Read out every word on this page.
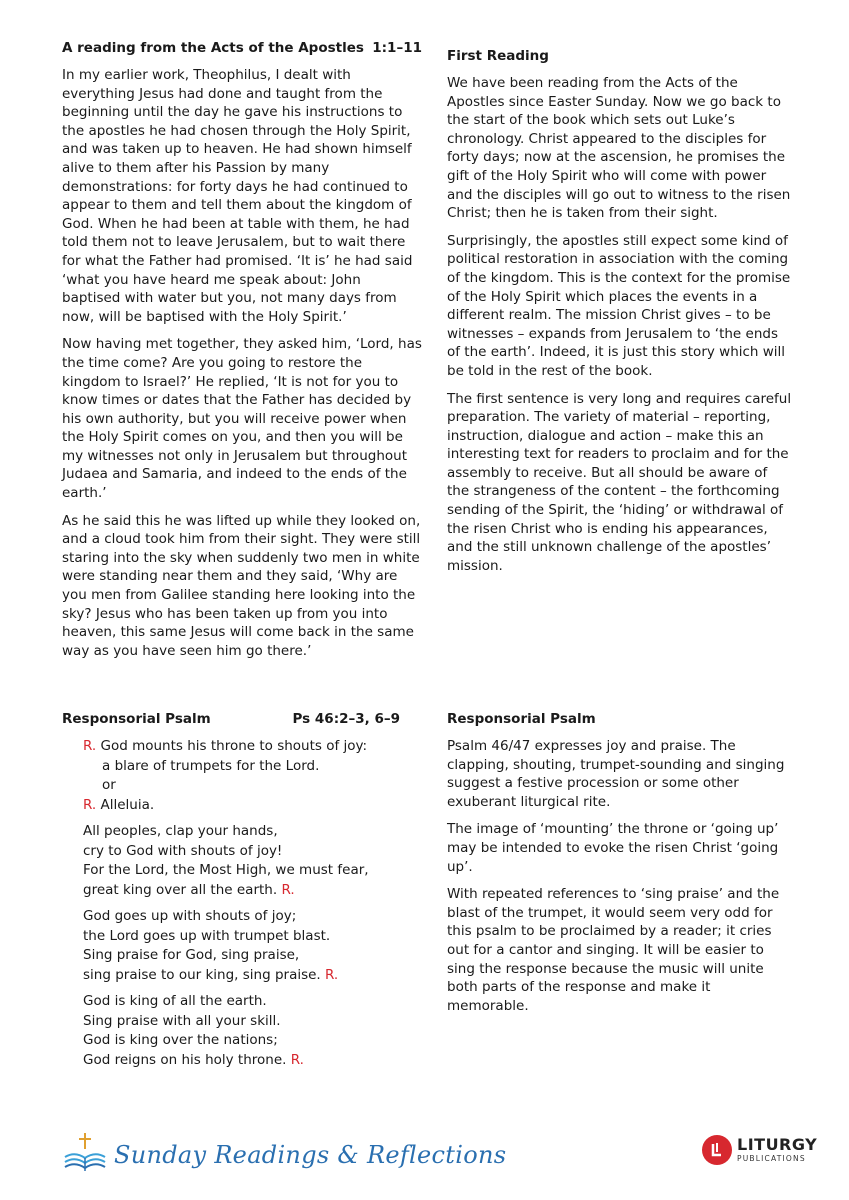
A reading from the Acts of the Apostles 1:1–11

In my earlier work, Theophilus, I dealt with everything Jesus had done and taught from the beginning until the day he gave his instructions to the apostles he had chosen through the Holy Spirit, and was taken up to heaven. He had shown himself alive to them after his Passion by many demonstrations: for forty days he had continued to appear to them and tell them about the kingdom of God. When he had been at table with them, he had told them not to leave Jerusalem, but to wait there for what the Father had promised. ‘It is’ he had said ‘what you have heard me speak about: John baptised with water but you, not many days from now, will be baptised with the Holy Spirit.’

Now having met together, they asked him, ‘Lord, has the time come? Are you going to restore the kingdom to Israel?’ He replied, ‘It is not for you to know times or dates that the Father has decided by his own authority, but you will receive power when the Holy Spirit comes on you, and then you will be my witnesses not only in Jerusalem but throughout Judaea and Samaria, and indeed to the ends of the earth.’

As he said this he was lifted up while they looked on, and a cloud took him from their sight. They were still staring into the sky when suddenly two men in white were standing near them and they said, ‘Why are you men from Galilee standing here looking into the sky? Jesus who has been taken up from you into heaven, this same Jesus will come back in the same way as you have seen him go there.’

First Reading

We have been reading from the Acts of the Apostles since Easter Sunday. Now we go back to the start of the book which sets out Luke’s chronology. Christ appeared to the disciples for forty days; now at the ascension, he promises the gift of the Holy Spirit who will come with power and the disciples will go out to witness to the risen Christ; then he is taken from their sight.

Surprisingly, the apostles still expect some kind of political restoration in association with the coming of the kingdom. This is the context for the promise of the Holy Spirit which places the events in a different realm. The mission Christ gives – to be witnesses – expands from Jerusalem to ‘the ends of the earth’. Indeed, it is just this story which will be told in the rest of the book.

The first sentence is very long and requires careful preparation. The variety of material – reporting, instruction, dialogue and action – make this an interesting text for readers to proclaim and for the assembly to receive. But all should be aware of the strangeness of the content – the forthcoming sending of the Spirit, the ‘hiding’ or withdrawal of the risen Christ who is ending his appearances, and the still unknown challenge of the apostles’ mission.

Responsorial Psalm	Ps 46:2–3, 6–9
R. God mounts his throne to shouts of joy:
a blare of trumpets for the Lord.
or
R. Alleluia.
All peoples, clap your hands,
cry to God with shouts of joy!
For the Lord, the Most High, we must fear,
great king over all the earth. R.
God goes up with shouts of joy;
the Lord goes up with trumpet blast.
Sing praise for God, sing praise,
sing praise to our king, sing praise. R.
God is king of all the earth.
Sing praise with all your skill.
God is king over the nations;
God reigns on his holy throne. R.
Responsorial Psalm

Psalm 46/47 expresses joy and praise. The clapping, shouting, trumpet-sounding and singing suggest a festive procession or some other exuberant liturgical rite.

The image of ‘mounting’ the throne or ‘going up’ may be intended to evoke the risen Christ ‘going up’.

With repeated references to ‘sing praise’ and the blast of the trumpet, it would seem very odd for this psalm to be proclaimed by a reader; it cries out for a cantor and singing. It will be easier to sing the response because the music will unite both parts of the response and make it memorable.

Sunday Readings & Reflections	LITURGY
PUBLICATIONS
